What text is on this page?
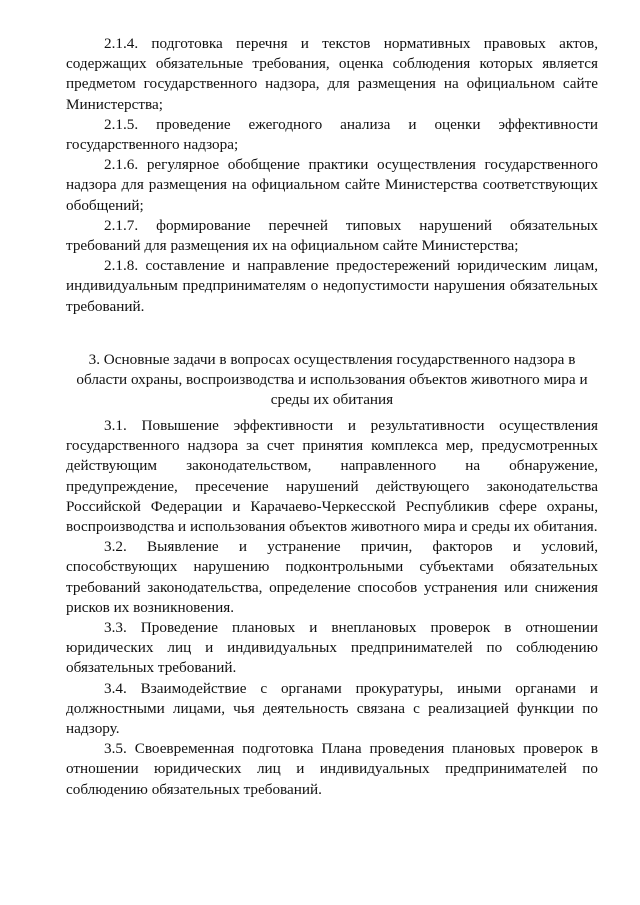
2.1.4. подготовка перечня и текстов нормативных правовых актов, содержащих обязательные требования, оценка соблюдения которых является предметом государственного надзора, для размещения на официальном сайте Министерства;

2.1.5. проведение ежегодного анализа и оценки эффективности государственного надзора;

2.1.6. регулярное обобщение практики осуществления государственного надзора для размещения на официальном сайте Министерства соответствующих обобщений;

2.1.7. формирование перечней типовых нарушений обязательных требований для размещения их на официальном сайте Министерства;

2.1.8. составление и направление предостережений юридическим лицам, индивидуальным предпринимателям о недопустимости нарушения обязательных требований.

3. Основные задачи в вопросах осуществления государственного надзора в области охраны, воспроизводства и использования объектов животного мира и среды их обитания

3.1. Повышение эффективности и результативности осуществления государственного надзора за счет принятия комплекса мер, предусмотренных действующим законодательством, направленного на обнаружение, предупреждение, пресечение нарушений действующего законодательства Российской Федерации и Карачаево-Черкесской Республикив сфере охраны, воспроизводства и использования объектов животного мира и среды их обитания.

3.2. Выявление и устранение причин, факторов и условий, способствующих нарушению подконтрольными субъектами обязательных требований законодательства, определение способов устранения или снижения рисков их возникновения.

3.3. Проведение плановых и внеплановых проверок в отношении юридических лиц и индивидуальных предпринимателей по соблюдению обязательных требований.

3.4. Взаимодействие с органами прокуратуры, иными органами и должностными лицами, чья деятельность связана с реализацией функции по надзору.

3.5. Своевременная подготовка Плана проведения плановых проверок в отношении юридических лиц и индивидуальных предпринимателей по соблюдению обязательных требований.
